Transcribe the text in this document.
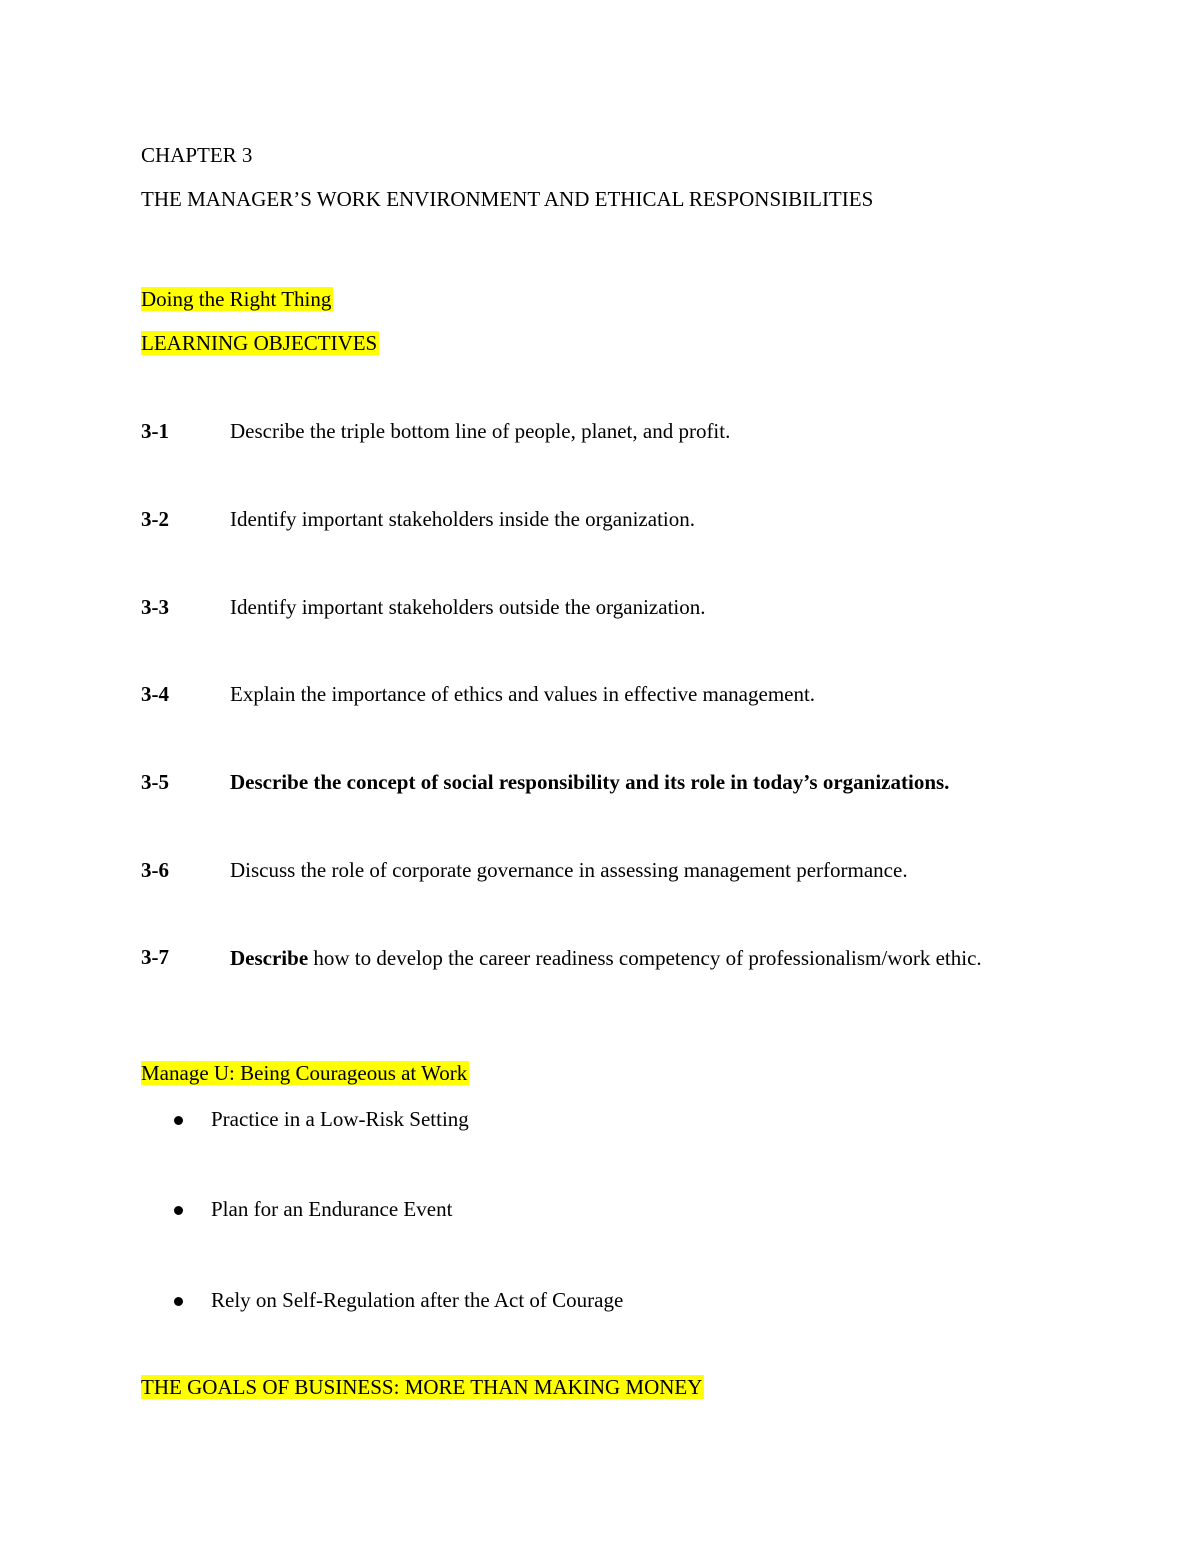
CHAPTER 3
THE MANAGER’S WORK ENVIRONMENT AND ETHICAL RESPONSIBILITIES
Doing the Right Thing
LEARNING OBJECTIVES
3-1	Describe the triple bottom line of people, planet, and profit.
3-2	Identify important stakeholders inside the organization.
3-3	Identify important stakeholders outside the organization.
3-4	Explain the importance of ethics and values in effective management.
3-5	Describe the concept of social responsibility and its role in today’s organizations.
3-6	Discuss the role of corporate governance in assessing management performance.
3-7	Describe how to develop the career readiness competency of professionalism/work ethic.
Manage U: Being Courageous at Work
Practice in a Low-Risk Setting
Plan for an Endurance Event
Rely on Self-Regulation after the Act of Courage
THE GOALS OF BUSINESS: MORE THAN MAKING MONEY
